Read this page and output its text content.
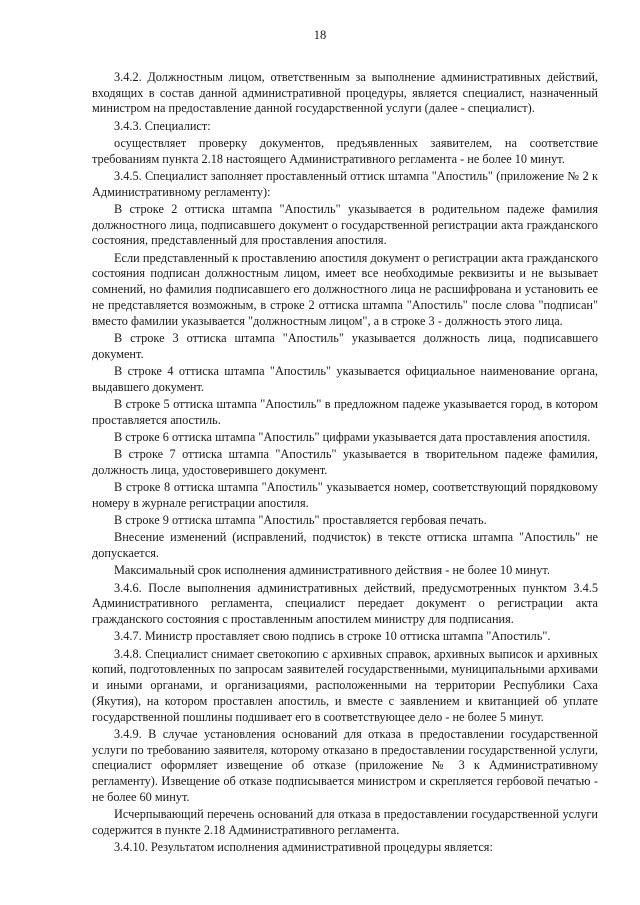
18

3.4.2. Должностным лицом, ответственным за выполнение административных действий, входящих в состав данной административной процедуры, является специалист, назначенный министром на предоставление данной государственной услуги (далее - специалист).

3.4.3. Специалист:

осуществляет проверку документов, предъявленных заявителем, на соответствие требованиям пункта 2.18 настоящего Административного регламента - не более 10 минут.

3.4.5. Специалист заполняет проставленный оттиск штампа "Апостиль" (приложение № 2 к Административному регламенту):

В строке 2 оттиска штампа "Апостиль" указывается в родительном падеже фамилия должностного лица, подписавшего документ о государственной регистрации акта гражданского состояния, представленный для проставления апостиля.

Если представленный к проставлению апостиля документ о регистрации акта гражданского состояния подписан должностным лицом, имеет все необходимые реквизиты и не вызывает сомнений, но фамилия подписавшего его должностного лица не расшифрована и установить ее не представляется возможным, в строке 2 оттиска штампа "Апостиль" после слова "подписан" вместо фамилии указывается "должностным лицом", а в строке 3 - должность этого лица.

В строке 3 оттиска штампа "Апостиль" указывается должность лица, подписавшего документ.

В строке 4 оттиска штампа "Апостиль" указывается официальное наименование органа, выдавшего документ.

В строке 5 оттиска штампа "Апостиль" в предложном падеже указывается город, в котором проставляется апостиль.

В строке 6 оттиска штампа "Апостиль" цифрами указывается дата проставления апостиля.

В строке 7 оттиска штампа "Апостиль" указывается в творительном падеже фамилия, должность лица, удостоверившего документ.

В строке 8 оттиска штампа "Апостиль" указывается номер, соответствующий порядковому номеру в журнале регистрации апостиля.

В строке 9 оттиска штампа "Апостиль" проставляется гербовая печать.

Внесение изменений (исправлений, подчисток) в тексте оттиска штампа "Апостиль" не допускается.

Максимальный срок исполнения административного действия - не более 10 минут.

3.4.6. После выполнения административных действий, предусмотренных пунктом 3.4.5 Административного регламента, специалист передает документ о регистрации акта гражданского состояния с проставленным апостилем министру для подписания.

3.4.7. Министр проставляет свою подпись в строке 10 оттиска штампа "Апостиль".

3.4.8. Специалист снимает светокопию с архивных справок, архивных выписок и архивных копий, подготовленных по запросам заявителей государственными, муниципальными архивами и иными органами, и организациями, расположенными на территории Республики Саха (Якутия), на котором проставлен апостиль, и вместе с заявлением и квитанцией об уплате государственной пошлины подшивает его в соответствующее дело - не более 5 минут.

3.4.9. В случае установления оснований для отказа в предоставлении государственной услуги по требованию заявителя, которому отказано в предоставлении государственной услуги, специалист оформляет извещение об отказе (приложение № 3 к Административному регламенту). Извещение об отказе подписывается министром и скрепляется гербовой печатью - не более 60 минут.

Исчерпывающий перечень оснований для отказа в предоставлении государственной услуги содержится в пункте 2.18 Административного регламента.

3.4.10. Результатом исполнения административной процедуры является:
